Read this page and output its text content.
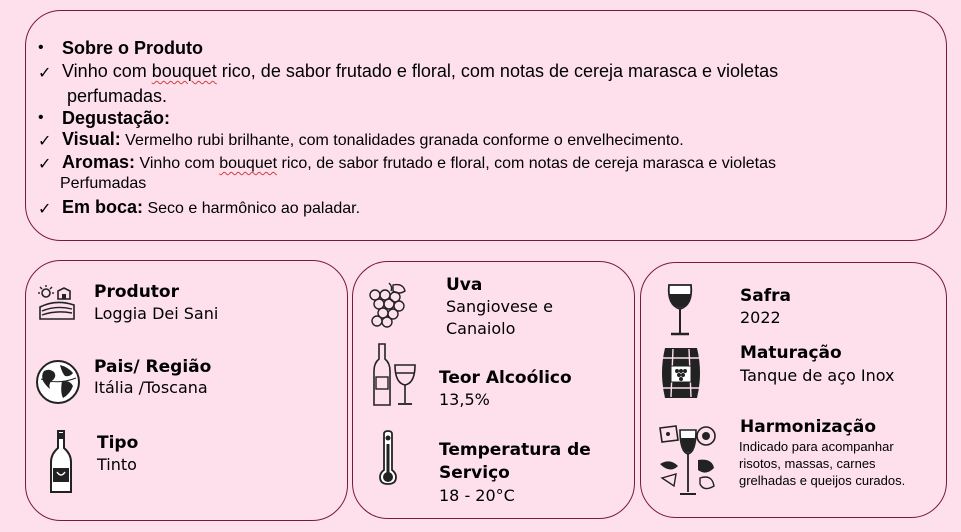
• Sobre o Produto
✓ Vinho com bouquet rico, de sabor frutado e floral, com notas de cereja marasca e violetas
perfumadas.
• Degustação:
✓ Visual: Vermelho rubi brilhante, com tonalidades granada conforme o envelhecimento.
✓ Aromas: Vinho com bouquet rico, de sabor frutado e floral, com notas de cereja marasca e violetas
Perfumadas
✓ Em boca: Seco e harmônico ao paladar.
Produtor
Loggia Dei Sani
Pais/ Região
Itália /Toscana
Tipo
Tinto
Uva
Sangiovese e
Canaiolo
Teor Alcoólico
13,5%
Temperatura de
Serviço
18 - 20°C
Safra
2022
Maturação
Tanque de aço Inox
Harmonização
Indicado para acompanhar
risotos, massas, carnes
grelhadas e queijos curados.
